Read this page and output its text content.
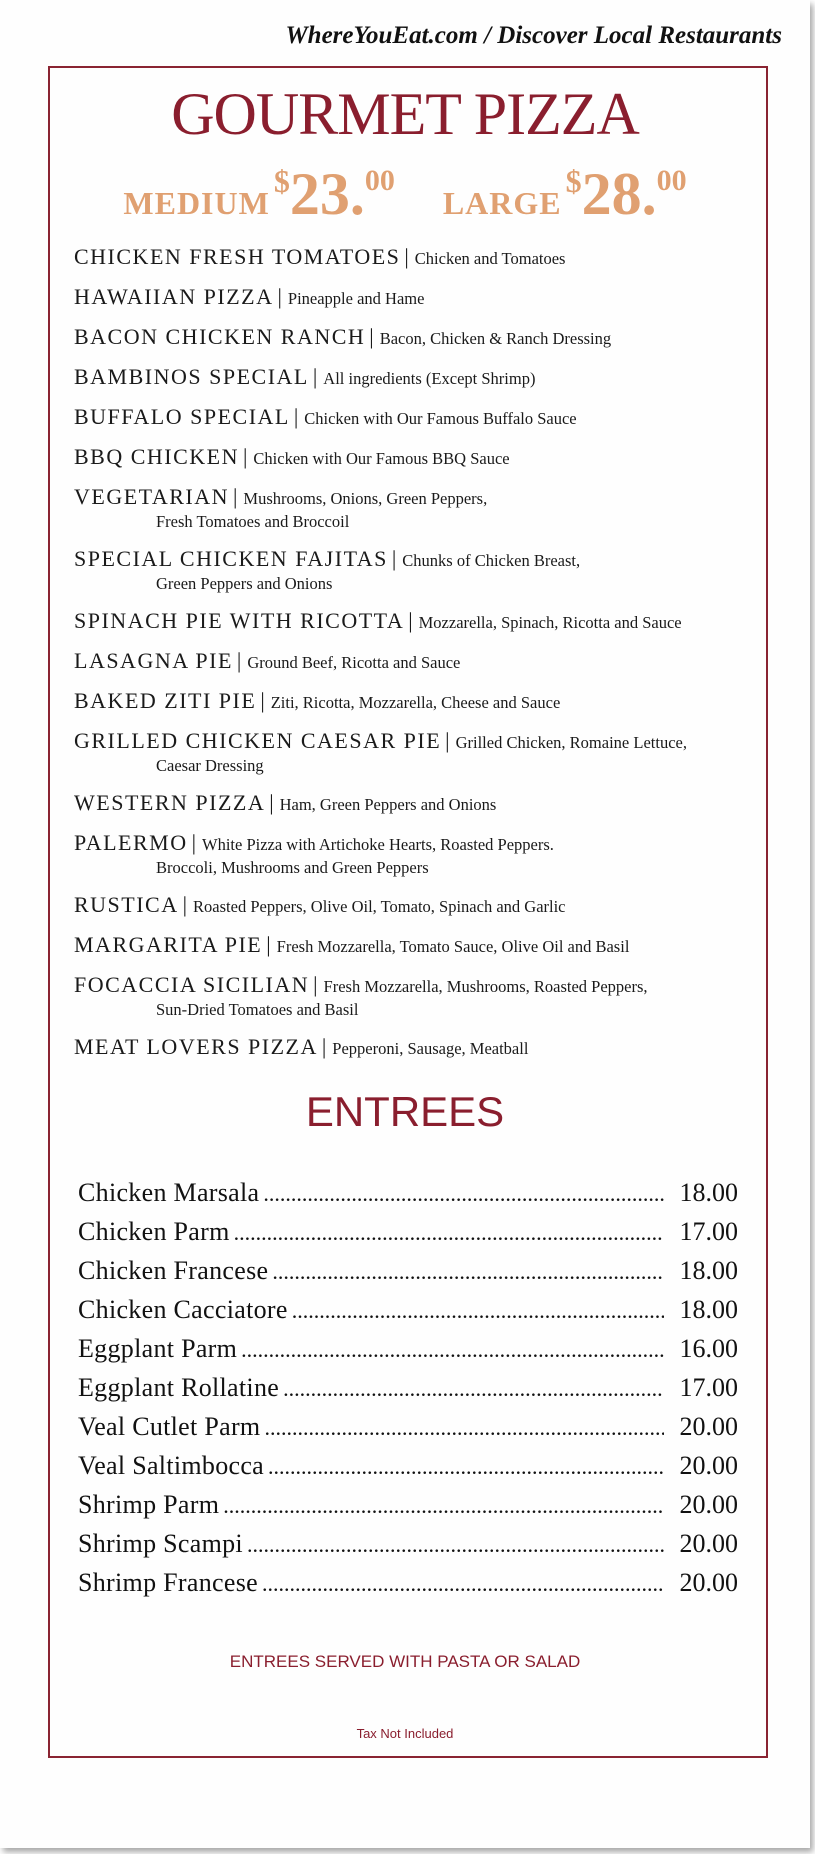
WhereYouEat.com / Discover Local Restaurants
GOURMET PIZZA
MEDIUM $23.00 LARGE $28.00
CHICKEN FRESH TOMATOES | Chicken and Tomatoes
HAWAIIAN PIZZA | Pineapple and Hame
BACON CHICKEN RANCH | Bacon, Chicken & Ranch Dressing
BAMBINOS SPECIAL | All ingredients (Except Shrimp)
BUFFALO SPECIAL | Chicken with Our Famous Buffalo Sauce
BBQ CHICKEN | Chicken with Our Famous BBQ Sauce
VEGETARIAN | Mushrooms, Onions, Green Peppers,
Fresh Tomatoes and Broccoil
SPECIAL CHICKEN FAJITAS | Chunks of Chicken Breast,
Green Peppers and Onions
SPINACH PIE WITH RICOTTA | Mozzarella, Spinach, Ricotta and Sauce
LASAGNA PIE | Ground Beef, Ricotta and Sauce
BAKED ZITI PIE | Ziti, Ricotta, Mozzarella, Cheese and Sauce
GRILLED CHICKEN CAESAR PIE | Grilled Chicken, Romaine Lettuce,
Caesar Dressing
WESTERN PIZZA | Ham, Green Peppers and Onions
PALERMO | White Pizza with Artichoke Hearts, Roasted Peppers.
Broccoli, Mushrooms and Green Peppers
RUSTICA | Roasted Peppers, Olive Oil, Tomato, Spinach and Garlic
MARGARITA PIE | Fresh Mozzarella, Tomato Sauce, Olive Oil and Basil
FOCACCIA SICILIAN | Fresh Mozzarella, Mushrooms, Roasted Peppers,
Sun-Dried Tomatoes and Basil
MEAT LOVERS PIZZA | Pepperoni, Sausage, Meatball
ENTREES
Chicken Marsala .....	18.00
Chicken Parm .....	17.00
Chicken Francese .....	18.00
Chicken Cacciatore .....	18.00
Eggplant Parm .....	16.00
Eggplant Rollatine .....	17.00
Veal Cutlet Parm .....	20.00
Veal Saltimbocca .....	20.00
Shrimp Parm .....	20.00
Shrimp Scampi .....	20.00
Shrimp Francese .....	20.00
ENTREES SERVED WITH PASTA OR SALAD
Tax Not Included
